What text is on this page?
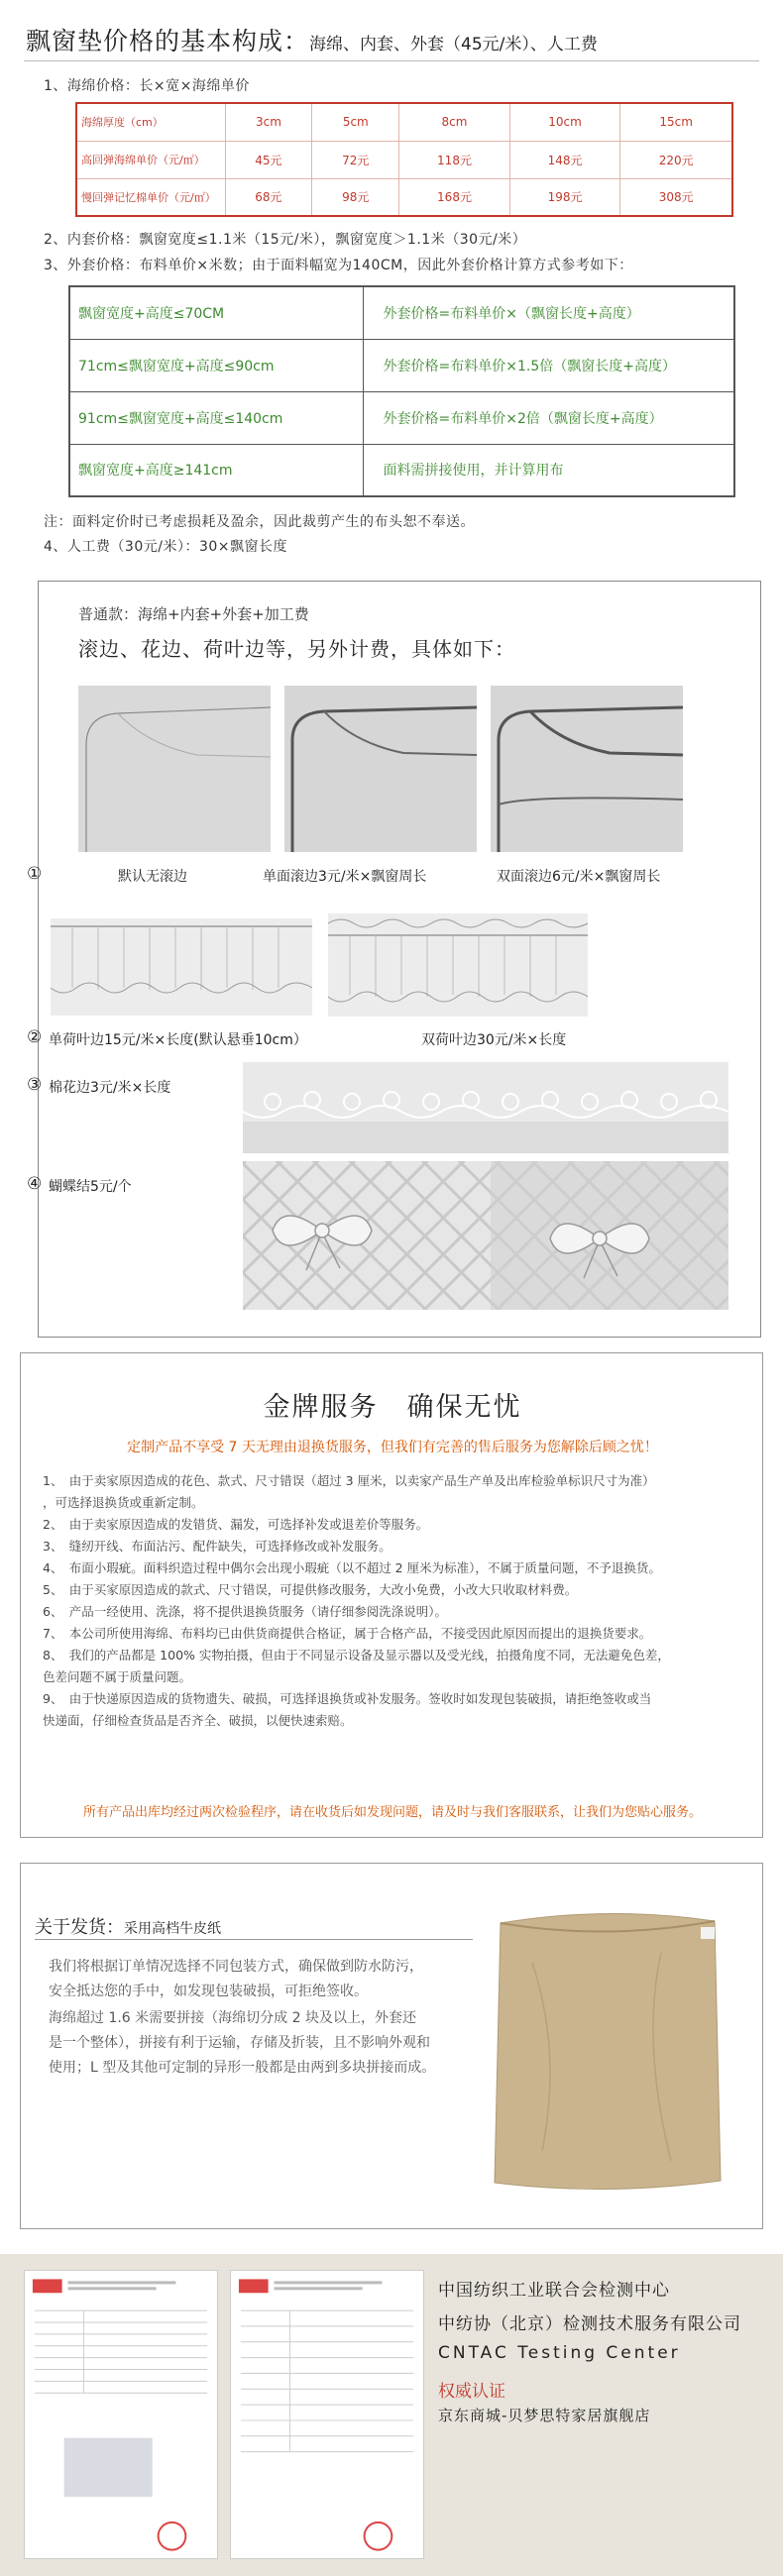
飘窗垫价格的基本构成：海绵、内套、外套（45元/米）、人工费
1、海绵价格：长×宽×海绵单价
海绵厚度（cm）	3cm	5cm	8cm	10cm	15cm
高回弹海绵单价（元/㎡）	45元	72元	118元	148元	220元
慢回弹记忆棉单价（元/㎡）	68元	98元	168元	198元	308元
2、内套价格：飘窗宽度≤1.1米（15元/米），飘窗宽度＞1.1米（30元/米）
3、外套价格：布料单价×米数；由于面料幅宽为140CM，因此外套价格计算方式参考如下：
飘窗宽度+高度≤70CM	外套价格=布料单价×（飘窗长度+高度）
71cm≤飘窗宽度+高度≤90cm	外套价格=布料单价×1.5倍（飘窗长度+高度）
91cm≤飘窗宽度+高度≤140cm	外套价格=布料单价×2倍（飘窗长度+高度）
飘窗宽度+高度≥141cm	面料需拼接使用，并计算用布
注：面料定价时已考虑损耗及盈余，因此裁剪产生的布头恕不奉送。
4、人工费（30元/米）：30×飘窗长度
普通款：海绵+内套+外套+加工费
滚边、花边、荷叶边等，另外计费，具体如下：
①	默认无滚边	单面滚边3元/米×飘窗周长	双面滚边6元/米×飘窗周长
② 单荷叶边15元/米×长度(默认悬垂10cm）	双荷叶边30元/米×长度
③ 棉花边3元/米×长度
④ 蝴蝶结5元/个
金牌服务　确保无忧
定制产品不享受 7 天无理由退换货服务，但我们有完善的售后服务为您解除后顾之忧！
1、　由于卖家原因造成的花色、款式、尺寸错误（超过 3 厘米，以卖家产品生产单及出库检验单标识尺寸为准）
，可选择退换货或重新定制。
2、　由于卖家原因造成的发错货、漏发，可选择补发或退差价等服务。
3、　缝纫开线、布面沾污、配件缺失，可选择修改或补发服务。
4、　布面小瑕疵。面料织造过程中偶尔会出现小瑕疵（以不超过 2 厘米为标准），不属于质量问题，不予退换货。
5、　由于买家原因造成的款式、尺寸错误，可提供修改服务，大改小免费，小改大只收取材料费。
6、　产品一经使用、洗涤，将不提供退换货服务（请仔细参阅洗涤说明）。
7、　本公司所使用海绵、布料均已由供货商提供合格证，属于合格产品，不接受因此原因而提出的退换货要求。
8、　我们的产品都是 100% 实物拍摄，但由于不同显示设备及显示器以及受光线，拍摄角度不同，无法避免色差，
色差问题不属于质量问题。
9、　由于快递原因造成的货物遗失、破损，可选择退换货或补发服务。签收时如发现包装破损，请拒绝签收或当
快递面，仔细检查货品是否齐全、破损，以便快速索赔。
所有产品出库均经过两次检验程序，请在收货后如发现问题，请及时与我们客服联系，让我们为您贴心服务。
关于发货：采用高档牛皮纸
我们将根据订单情况选择不同包装方式，确保做到防水防污，
安全抵达您的手中，如发现包装破损，可拒绝签收。
海绵超过 1.6 米需要拼接（海绵切分成 2 块及以上，外套还
是一个整体），拼接有利于运输，存储及折装，且不影响外观和
使用；L 型及其他可定制的异形一般都是由两到多块拼接而成。
中国纺织工业联合会检测中心
中纺协（北京）检测技术服务有限公司
CNTAC Testing Center
权威认证
京东商城-贝梦思特家居旗舰店
